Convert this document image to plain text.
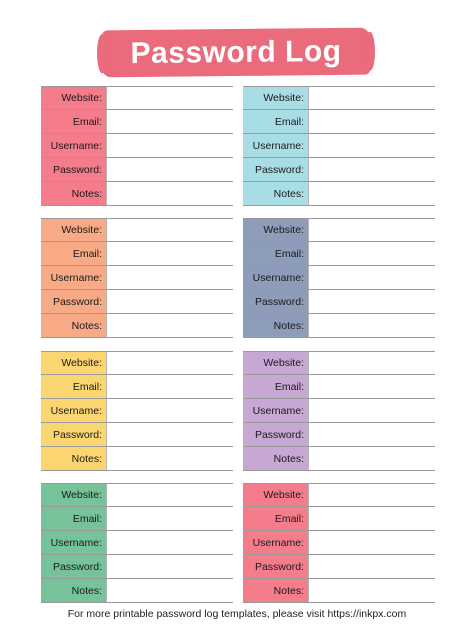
Password Log
Website:
Email:
Username:
Password:
Notes:
Website:
Email:
Username:
Password:
Notes:
Website:
Email:
Username:
Password:
Notes:
Website:
Email:
Username:
Password:
Notes:
Website:
Email:
Username:
Password:
Notes:
Website:
Email:
Username:
Password:
Notes:
Website:
Email:
Username:
Password:
Notes:
Website:
Email:
Username:
Password:
Notes:
For more printable password log templates, please visit https://inkpx.com
